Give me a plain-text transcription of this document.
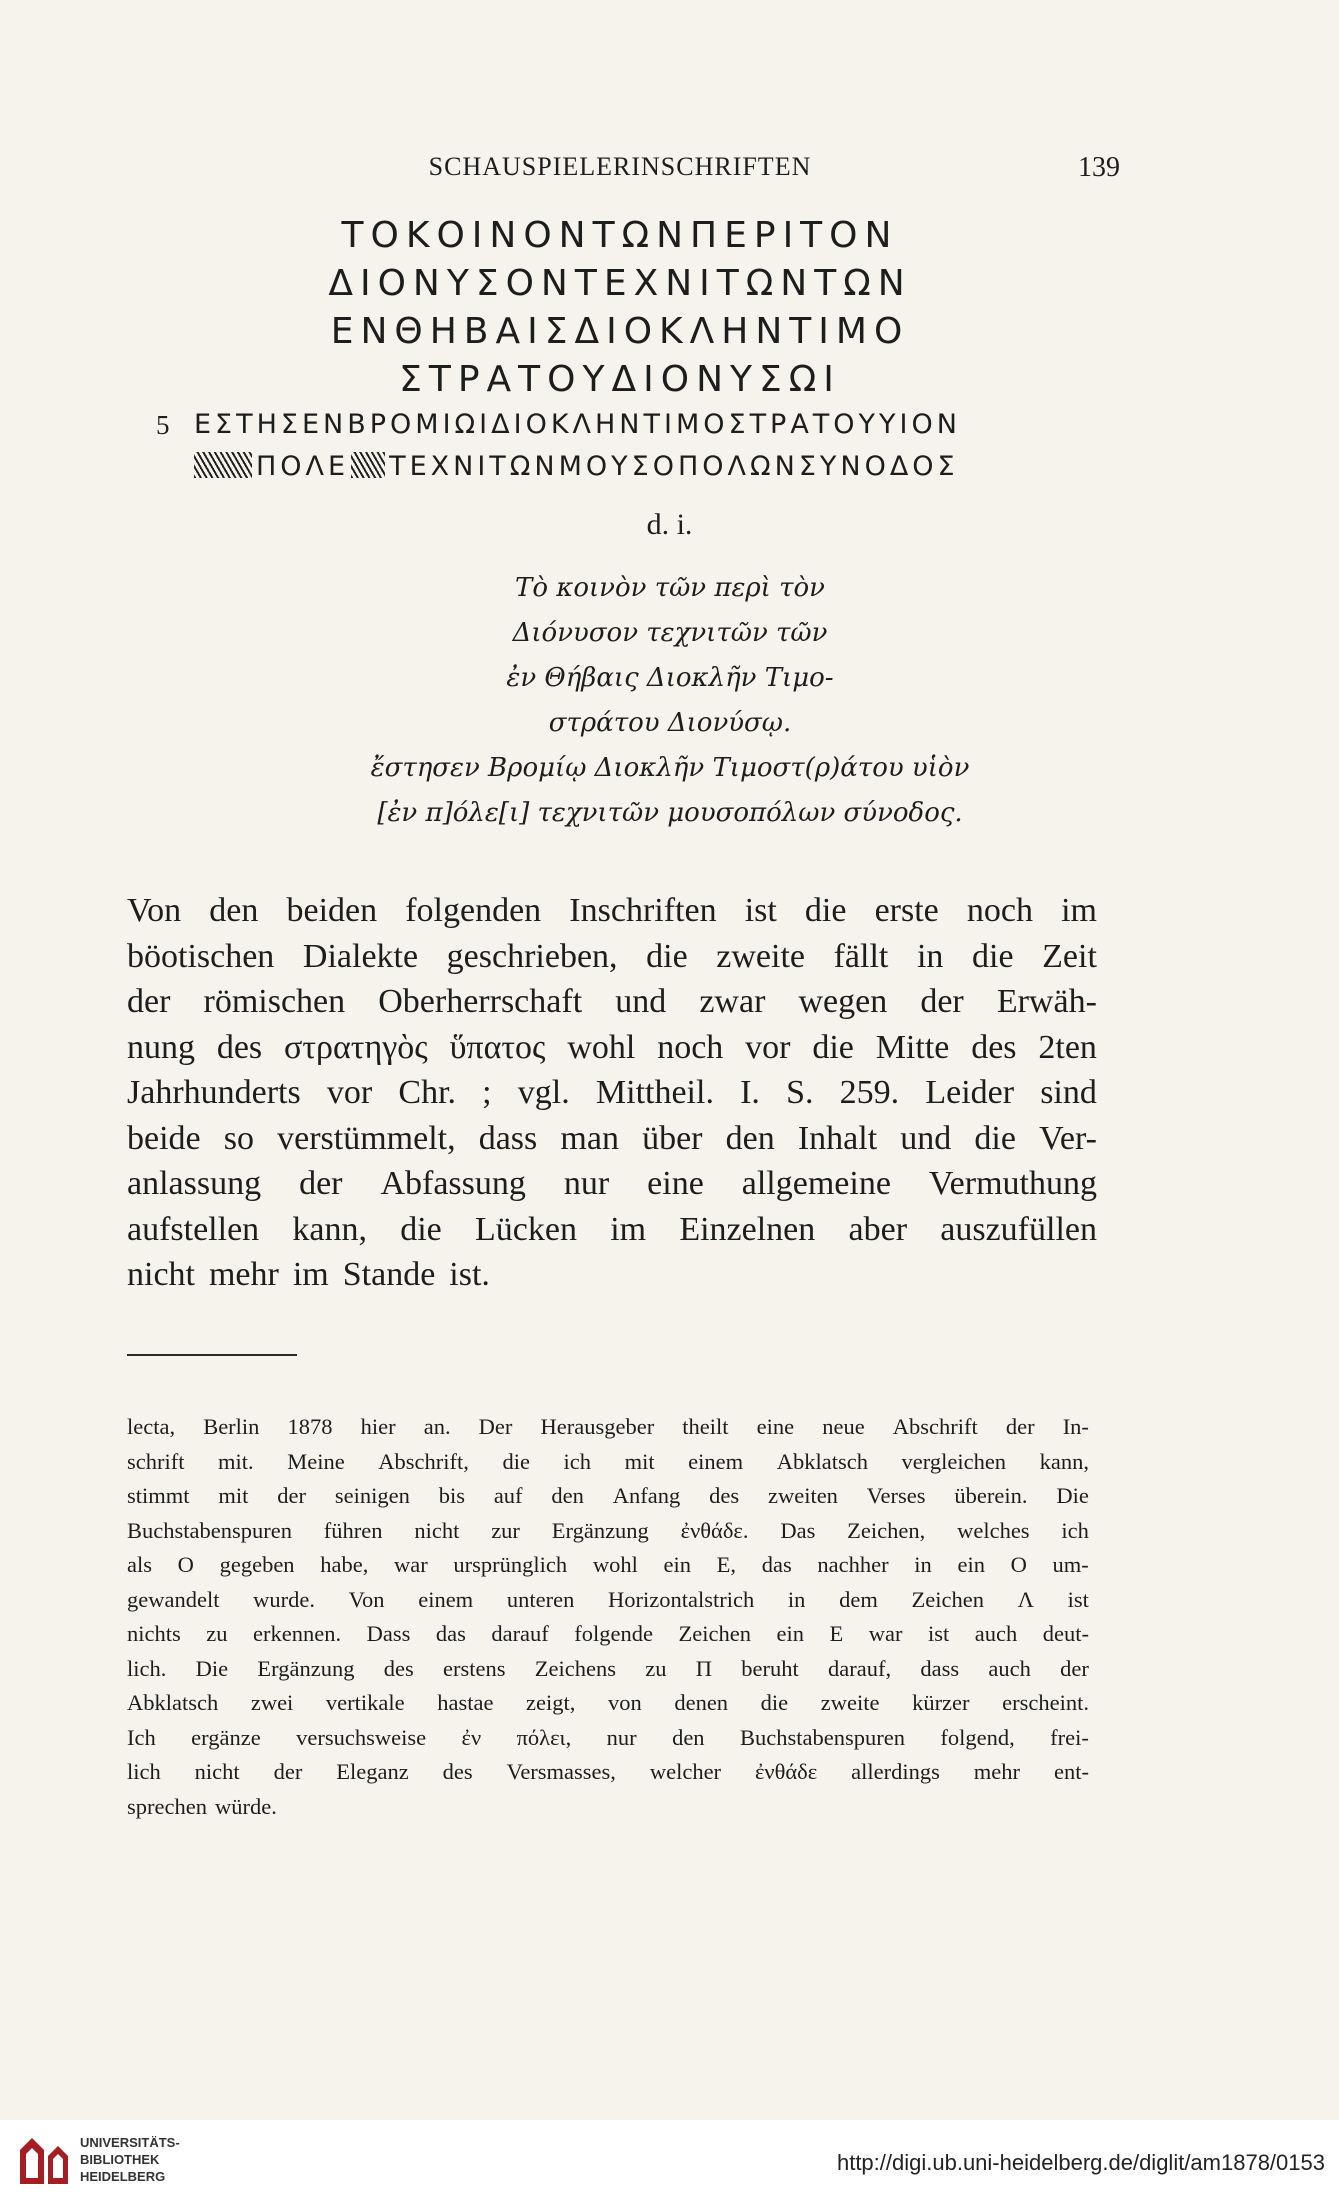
SCHAUSPIELERINSCHRIFTEN	139
ΤΟΚΟΙΝΟΝΤΩΝΠΕΡΙΤΟΝ
ΔΙΟΝΥΣΟΝΤΕΧΝΙΤΩΝΤΩΝ
ΕΝΘΗΒΑΙΣΔΙΟΚΛΗΝΤΙΜΟ
ΣΤΡΑΤΟΥΔΙΟΝΥΣΩΙ
5 ΕΣΤΗΣΕΝΒΡΟΜΙΩΙΔΙΟΚΛΗΝΤΙΜΟΣΤΡΑΤΟΥΥΙΟΝ
ΠΟΛΕ ΤΕΧΝΙΤΩΝΜΟΥΣΟΠΟΛΩΝΣΥΝΟΔΟΣ
d. i.
Τὸ κοινὸν τῶν περὶ τὸν
Διόνυσον τεχνιτῶν τῶν
ἐν Θήβαις Διοκλῆν Τιμο-
στράτου Διονύσῳ.
ἔστησεν Βρομίῳ Διοκλῆν Τιμοστ(ρ)άτου υἱὸν
[ἐν π]όλε[ι] τεχνιτῶν μουσοπόλων σύνοδος.
Von den beiden folgenden Inschriften ist die erste noch im
böotischen Dialekte geschrieben, die zweite fällt in die Zeit
der römischen Oberherrschaft und zwar wegen der Erwäh-
nung des στρατηγὸς ὕπατος wohl noch vor die Mitte des 2ten
Jahrhunderts vor Chr. ; vgl. Mittheil. I. S. 259. Leider sind
beide so verstümmelt, dass man über den Inhalt und die Ver-
anlassung der Abfassung nur eine allgemeine Vermuthung
aufstellen kann, die Lücken im Einzelnen aber auszufüllen
nicht mehr im Stande ist.
lecta, Berlin 1878 hier an. Der Herausgeber theilt eine neue Abschrift der In-
schrift mit. Meine Abschrift, die ich mit einem Abklatsch vergleichen kann,
stimmt mit der seinigen bis auf den Anfang des zweiten Verses überein. Die
Buchstabenspuren führen nicht zur Ergänzung ἐνθάδε. Das Zeichen, welches ich
als O gegeben habe, war ursprünglich wohl ein E, das nachher in ein O um-
gewandelt wurde. Von einem unteren Horizontalstrich in dem Zeichen Λ ist
nichts zu erkennen. Dass das darauf folgende Zeichen ein E war ist auch deut-
lich. Die Ergänzung des erstens Zeichens zu Π beruht darauf, dass auch der
Abklatsch zwei vertikale hastae zeigt, von denen die zweite kürzer erscheint.
Ich ergänze versuchsweise ἐν πόλει, nur den Buchstabenspuren folgend, frei-
lich nicht der Eleganz des Versmasses, welcher ἐνθάδε allerdings mehr ent-
sprechen würde.
UNIVERSITÄTS-
BIBLIOTHEK
HEIDELBERG
http://digi.ub.uni-heidelberg.de/diglit/am1878/0153
